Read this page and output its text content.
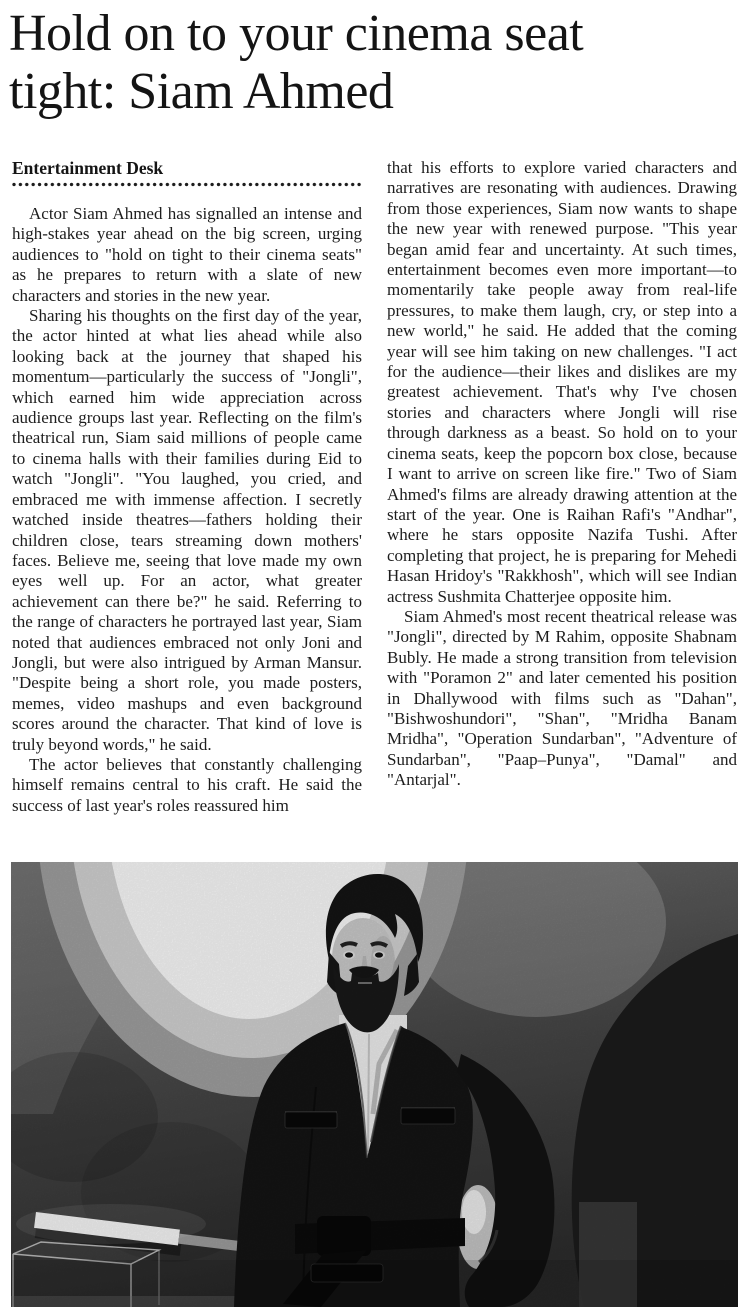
Hold on to your cinema seat tight: Siam Ahmed
Entertainment Desk

Actor Siam Ahmed has signalled an intense and high-stakes year ahead on the big screen, urging audiences to "hold on tight to their cinema seats" as he prepares to return with a slate of new characters and stories in the new year.

Sharing his thoughts on the first day of the year, the actor hinted at what lies ahead while also looking back at the journey that shaped his momentum—particularly the success of "Jongli", which earned him wide appreciation across audience groups last year. Reflecting on the film's theatrical run, Siam said millions of people came to cinema halls with their families during Eid to watch "Jongli". "You laughed, you cried, and embraced me with immense affection. I secretly watched inside theatres—fathers holding their children close, tears streaming down mothers' faces. Believe me, seeing that love made my own eyes well up. For an actor, what greater achievement can there be?" he said. Referring to the range of characters he portrayed last year, Siam noted that audiences embraced not only Joni and Jongli, but were also intrigued by Arman Mansur. "Despite being a short role, you made posters, memes, video mashups and even background scores around the character. That kind of love is truly beyond words," he said.

The actor believes that constantly challenging himself remains central to his craft. He said the success of last year's roles reassured him

that his efforts to explore varied characters and narratives are resonating with audiences. Drawing from those experiences, Siam now wants to shape the new year with renewed purpose. "This year began amid fear and uncertainty. At such times, entertainment becomes even more important—to momentarily take people away from real-life pressures, to make them laugh, cry, or step into a new world," he said. He added that the coming year will see him taking on new challenges. "I act for the audience—their likes and dislikes are my greatest achievement. That's why I've chosen stories and characters where Jongli will rise through darkness as a beast. So hold on to your cinema seats, keep the popcorn box close, because I want to arrive on screen like fire." Two of Siam Ahmed's films are already drawing attention at the start of the year. One is Raihan Rafi's "Andhar", where he stars opposite Nazifa Tushi. After completing that project, he is preparing for Mehedi Hasan Hridoy's "Rakkhosh", which will see Indian actress Sushmita Chatterjee opposite him.

Siam Ahmed's most recent theatrical release was "Jongli", directed by M Rahim, opposite Shabnam Bubly. He made a strong transition from television with "Poramon 2" and later cemented his position in Dhallywood with films such as "Dahan", "Bishwoshundori", "Shan", "Mridha Banam Mridha", "Operation Sundarban", "Adventure of Sundarban", "Paap–Punya", "Damal" and "Antarjal".
